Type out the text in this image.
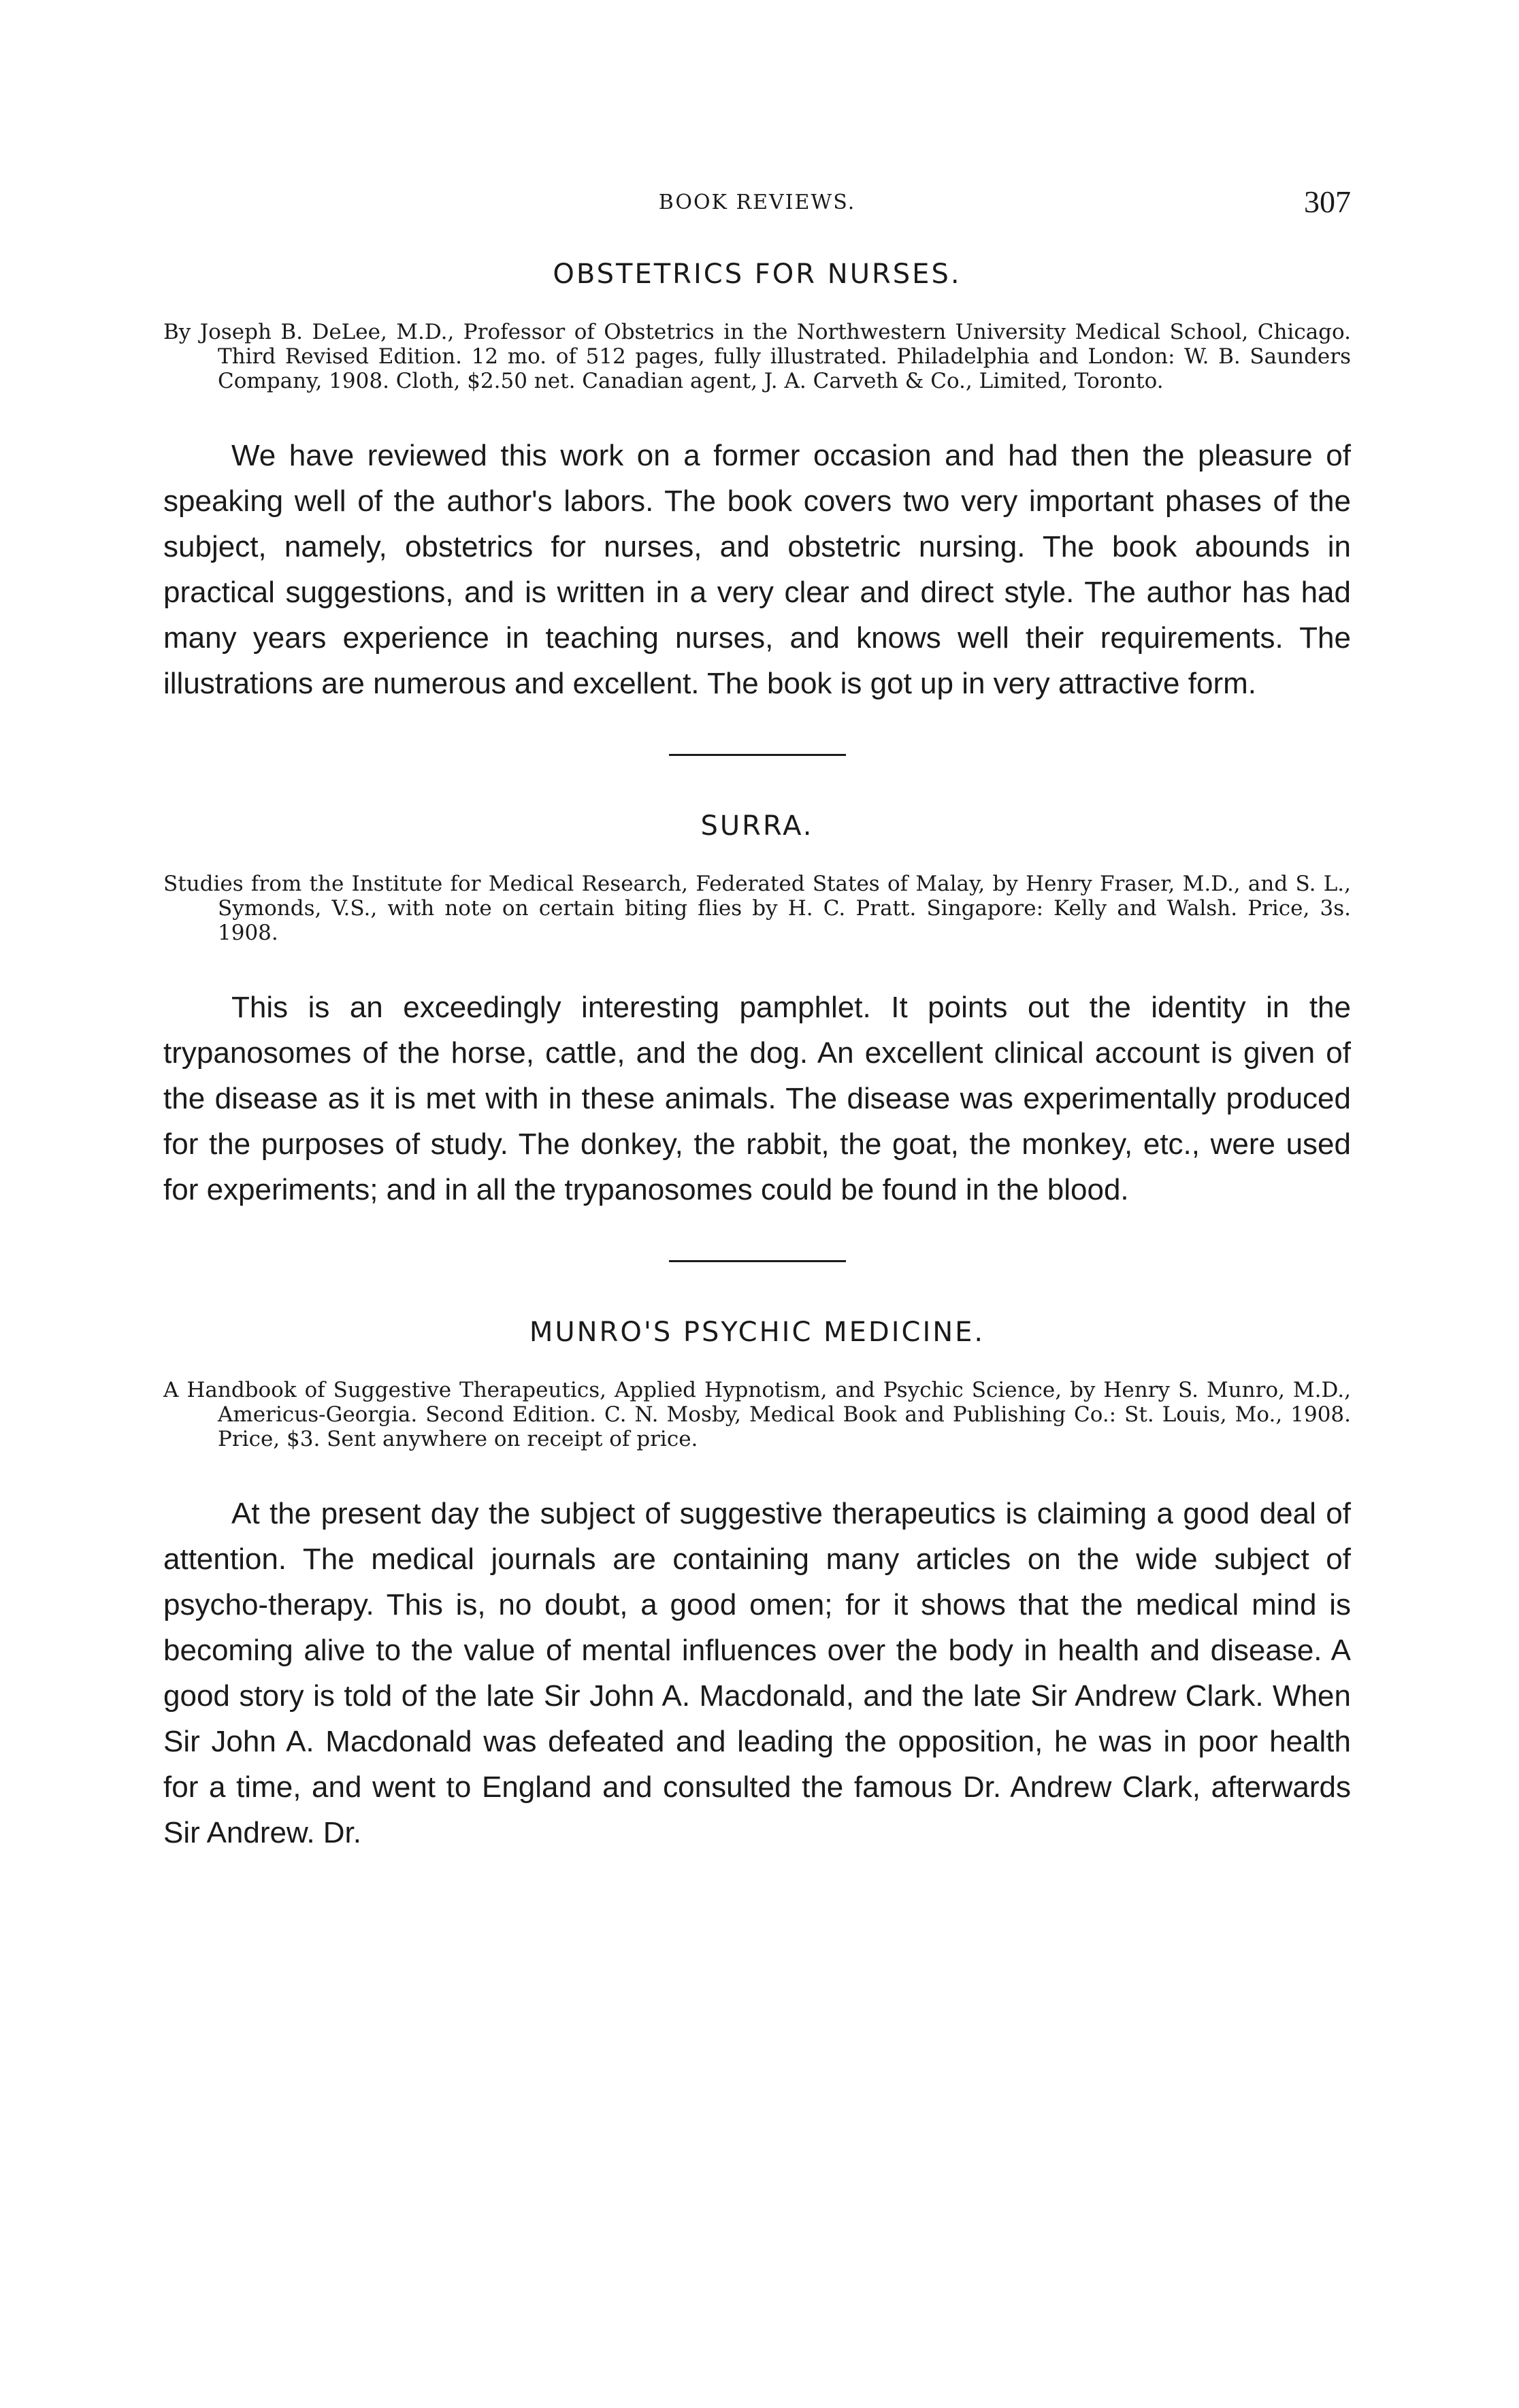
BOOK REVIEWS.	307
OBSTETRICS FOR NURSES.

By Joseph B. DeLee, M.D., Professor of Obstetrics in the Northwestern University Medical School, Chicago. Third Revised Edition. 12 mo. of 512 pages, fully illustrated. Philadelphia and London: W. B. Saunders Company, 1908. Cloth, $2.50 net. Canadian agent, J. A. Carveth & Co., Limited, Toronto.

We have reviewed this work on a former occasion and had then the pleasure of speaking well of the author's labors. The book covers two very important phases of the subject, namely, obstetrics for nurses, and obstetric nursing. The book abounds in practical suggestions, and is written in a very clear and direct style. The author has had many years experience in teaching nurses, and knows well their requirements. The illustrations are numerous and excellent. The book is got up in very attractive form.

SURRA.

Studies from the Institute for Medical Research, Federated States of Malay, by Henry Fraser, M.D., and S. L., Symonds, V.S., with note on certain biting flies by H. C. Pratt. Singapore: Kelly and Walsh. Price, 3s. 1908.

This is an exceedingly interesting pamphlet. It points out the identity in the trypanosomes of the horse, cattle, and the dog. An excellent clinical account is given of the disease as it is met with in these animals. The disease was experimentally produced for the purposes of study. The donkey, the rabbit, the goat, the monkey, etc., were used for experiments; and in all the trypanosomes could be found in the blood.

MUNRO'S PSYCHIC MEDICINE.

A Handbook of Suggestive Therapeutics, Applied Hypnotism, and Psychic Science, by Henry S. Munro, M.D., Americus-Georgia. Second Edition. C. N. Mosby, Medical Book and Publishing Co.: St. Louis, Mo., 1908. Price, $3. Sent anywhere on receipt of price.

At the present day the subject of suggestive therapeutics is claiming a good deal of attention. The medical journals are containing many articles on the wide subject of psycho-therapy. This is, no doubt, a good omen; for it shows that the medical mind is becoming alive to the value of mental influences over the body in health and disease. A good story is told of the late Sir John A. Macdonald, and the late Sir Andrew Clark. When Sir John A. Macdonald was defeated and leading the opposition, he was in poor health for a time, and went to England and consulted the famous Dr. Andrew Clark, afterwards Sir Andrew. Dr.
